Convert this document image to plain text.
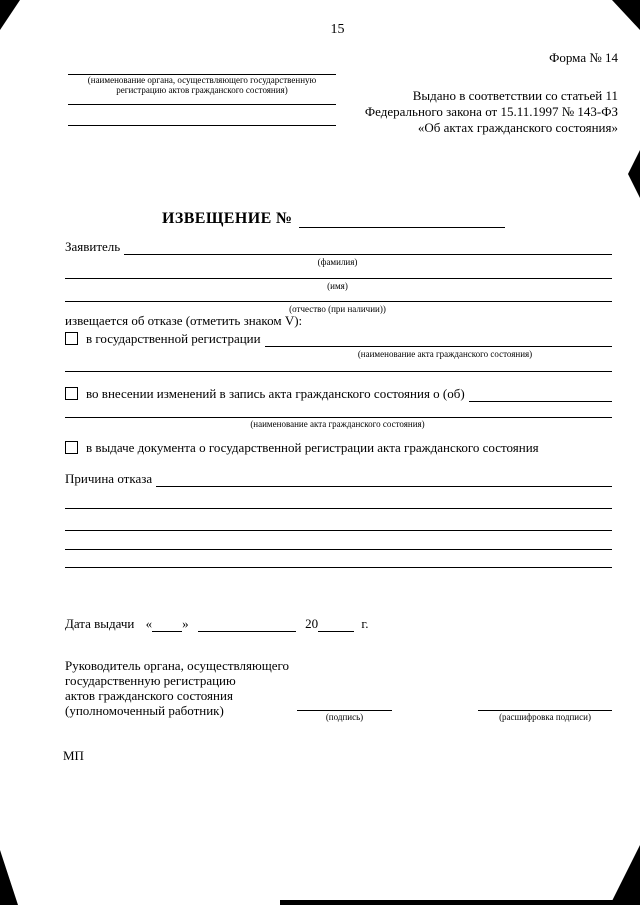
15
Форма № 14
(наименование органа, осуществляющего государственную регистрацию актов гражданского состояния)	Выдано в соответствии со статьей 11
Федерального закона от 15.11.1997 № 143-ФЗ
«Об актах гражданского состояния»
ИЗВЕЩЕНИЕ №
Заявитель
(фамилия)
(имя)
(отчество (при наличии))
извещается об отказе (отметить знаком V):
в государственной регистрации
(наименование акта гражданского состояния)
во внесении изменений в запись акта гражданского состояния о (об)
(наименование акта гражданского состояния)
в выдаче документа о государственной регистрации акта гражданского состояния
Причина отказа
Дата выдачи « »	20	г.
Руководитель органа, осуществляющего
государственную регистрацию
актов гражданского состояния
(уполномоченный работник)	(подпись)	(расшифровка подписи)
МП
